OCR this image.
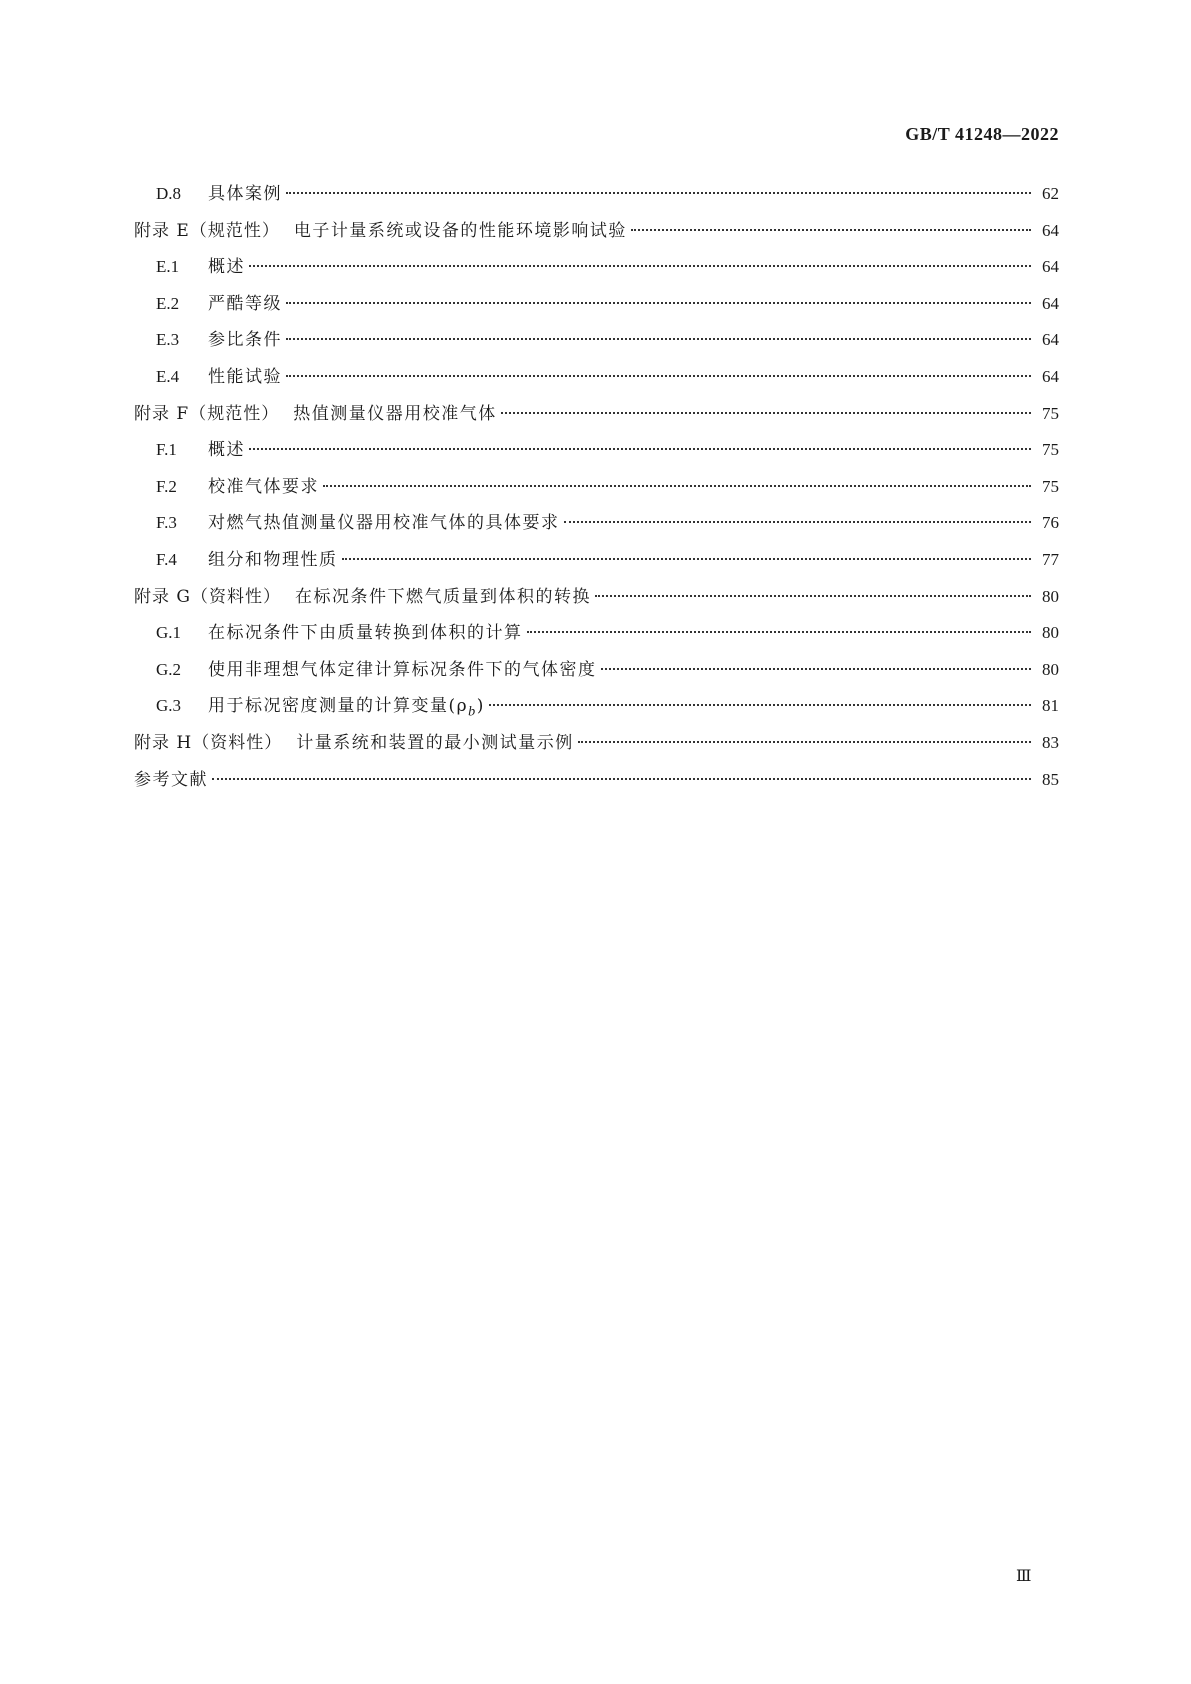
GB/T 41248—2022
D.8	具体案例	62
附录 E（规范性） 电子计量系统或设备的性能环境影响试验	64
E.1	概述	64
E.2	严酷等级	64
E.3	参比条件	64
E.4	性能试验	64
附录 F（规范性） 热值测量仪器用校准气体	75
F.1	概述	75
F.2	校准气体要求	75
F.3	对燃气热值测量仪器用校准气体的具体要求	76
F.4	组分和物理性质	77
附录 G（资料性） 在标况条件下燃气质量到体积的转换	80
G.1	在标况条件下由质量转换到体积的计算	80
G.2	使用非理想气体定律计算标况条件下的气体密度	80
G.3	用于标况密度测量的计算变量$(\rho_b)$	81
附录 H（资料性） 计量系统和装置的最小测试量示例	83
参考文献	85
Ⅲ
